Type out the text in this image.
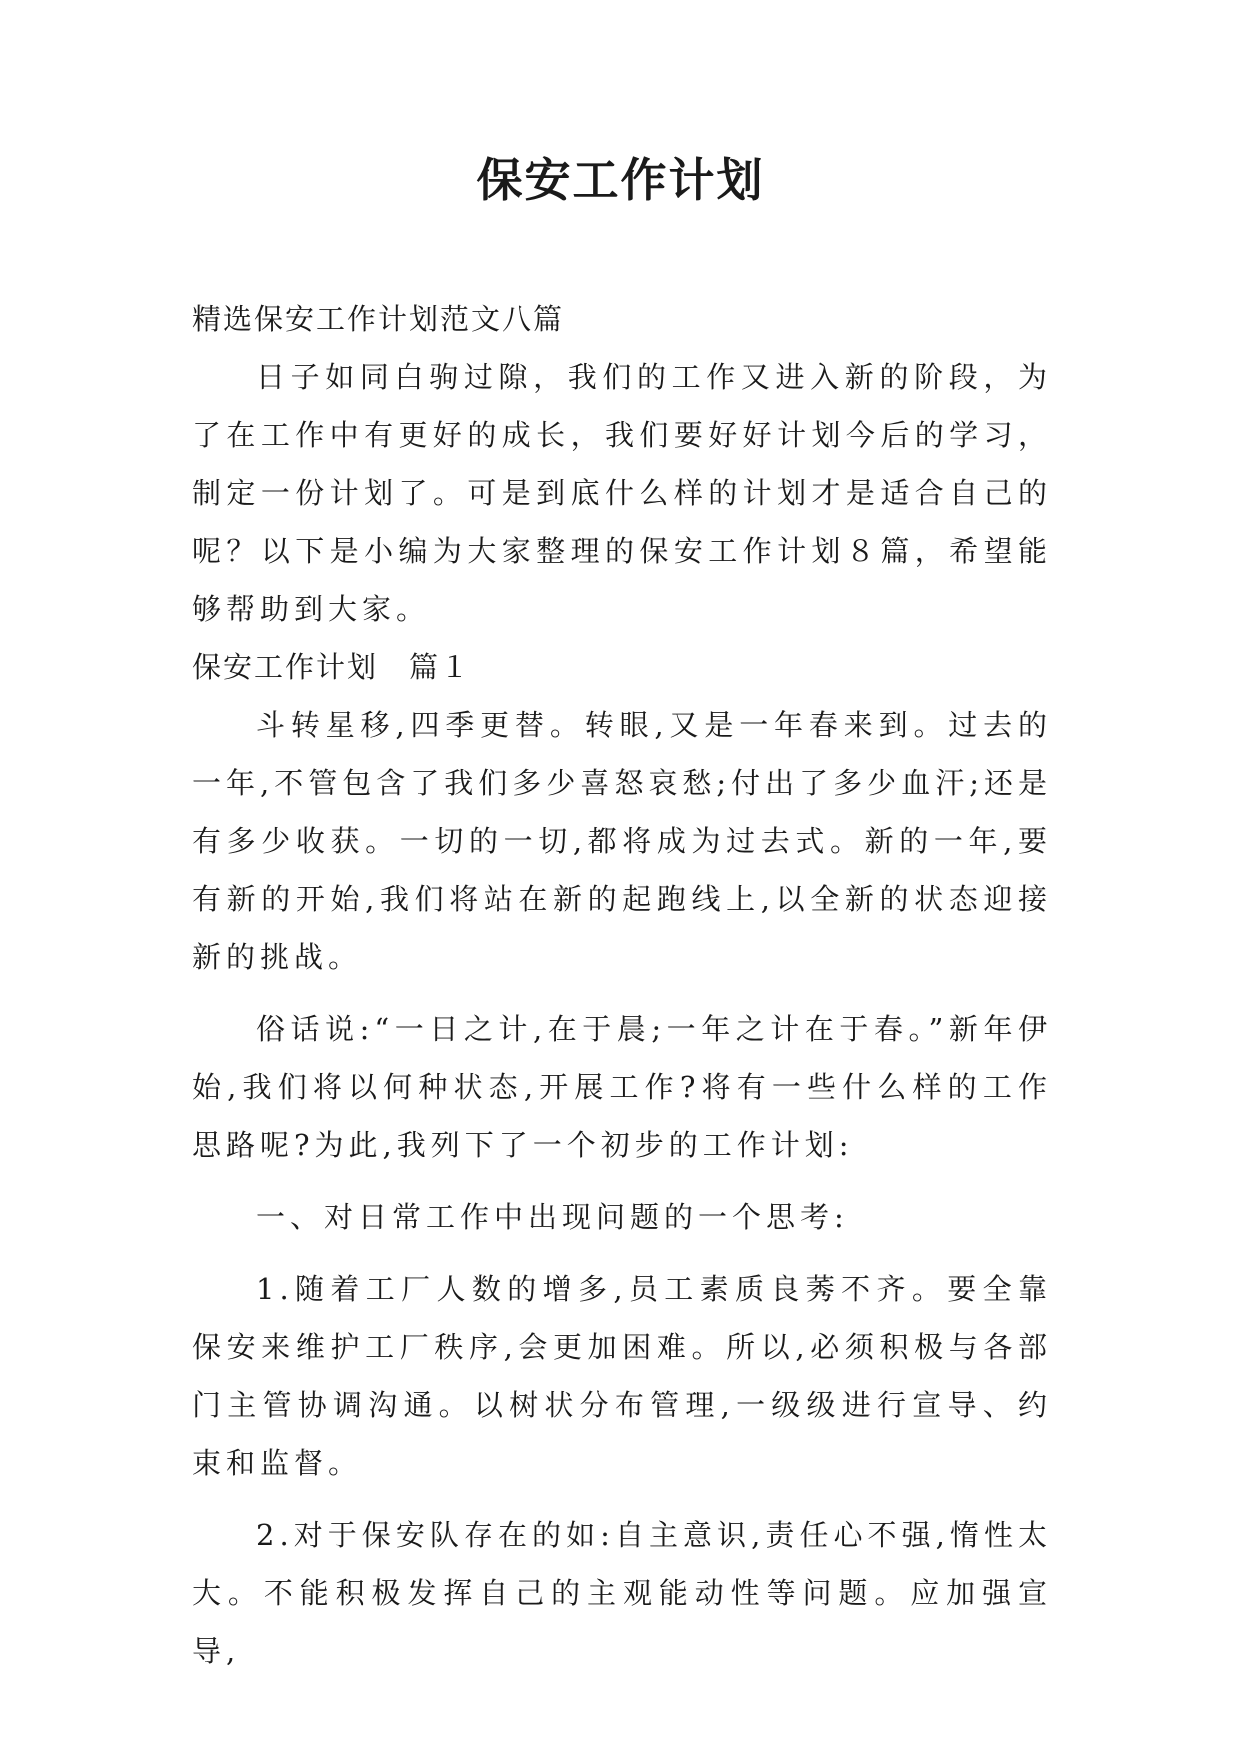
保安工作计划

精选保安工作计划范文八篇

日子如同白驹过隙，我们的工作又进入新的阶段，为了在工作中有更好的成长，我们要好好计划今后的学习，制定一份计划了。可是到底什么样的计划才是适合自己的呢？以下是小编为大家整理的保安工作计划８篇，希望能够帮助到大家。

保安工作计划　篇１

斗转星移,四季更替。转眼,又是一年春来到。过去的一年,不管包含了我们多少喜怒哀愁;付出了多少血汗;还是有多少收获。一切的一切,都将成为过去式。新的一年,要有新的开始,我们将站在新的起跑线上,以全新的状态迎接新的挑战。

俗话说:“一日之计,在于晨;一年之计在于春。”新年伊始,我们将以何种状态,开展工作?将有一些什么样的工作思路呢?为此,我列下了一个初步的工作计划:

一、对日常工作中出现问题的一个思考:

1.随着工厂人数的增多,员工素质良莠不齐。要全靠保安来维护工厂秩序,会更加困难。所以,必须积极与各部门主管协调沟通。以树状分布管理,一级级进行宣导、约束和监督。

2.对于保安队存在的如:自主意识,责任心不强,惰性太大。不能积极发挥自己的主观能动性等问题。应加强宣导,
